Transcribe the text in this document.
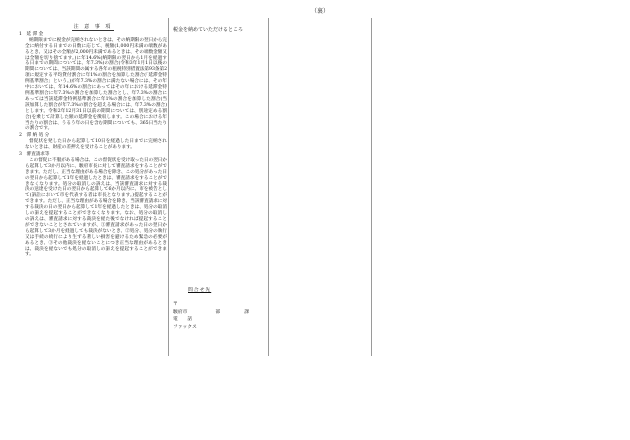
（裏）
注 意 事 項
1　延 滞 金
納期限までに税金が完納されないときは、その納期限の翌日から完全に納付する日までの日数に応じて、税額(1,000円未満の端数があるとき、又はその全額が2,000円未満であるときは、その端数金額又は全額を切り捨てます。)に年14.6%(納期限の翌日から1月を経過する日までの期間については、年7.3%)の割合(令和3年1月1日以後の期間については、当該期間の属する各年の租税特別措置法第93条第2項に規定する平均貸付割合に年1%の割合を加算した割合(「延滞金特例基準割合」という。)が年7.3%の割合に満たない場合には、その年中においては、年14.6%の割合にあってはその年における延滞金特例基準割合に年7.3%の割合を加算した割合とし、年7.3%の割合にあっては当該延滞金特例基準割合に年1%の割合を加算した割合(当該加算した割合が年7.3%の割合を超える場合には、年7.3%の割合)とします。令和2年12月31日以前の期間については、別途定める割合)を乗じて計算した額の延滞金を徴収します。この場合における年当たりの割合は、うるう年の日を含む期間についても、365日当たりの割合です。
2　滞 納 処 分
督促状を発した日から起算して10日を経過した日までに完納されないときは、財産の差押えを受けることがあります。
3　審査請求等
この督促に不服がある場合は、この督促状を受け取った日の翌日から起算して3か月以内に、駿府市長に対して審査請求をすることができます。ただし、正当な理由がある場合を除き、この処分があった日の翌日から起算して1年を経過したときは、審査請求をすることができなくなります。処分の取消しの訴えは、当該審査請求に対する裁決の送達を受けた日の翌日から起算して6か月以内に、市を被告として(訴訟において市を代表する者は市長となります。)提起することができます。ただし、正当な理由がある場合を除き、当該審査請求に対する裁決の日の翌日から起算して1年を経過したときは、処分の取消しの訴えを提起することができなくなります。なお、処分の取消しの訴えは、審査請求に対する裁決を経た後でなければ提起することができないこととされていますが、①審査請求があった日の翌日から起算して3か月を経過しても裁決がないとき、②処分、処分の執行又は手続の続行により生ずる著しい損害を避けるため緊急の必要があるとき、③その他裁決を経ないことにつき正当な理由があるときは、裁決を経ないでも処分の取消しの訴えを提起することができます。
税金を納めていただけるところ
問合せ先
〒
駿府市	部	課
電　　話
ファックス
